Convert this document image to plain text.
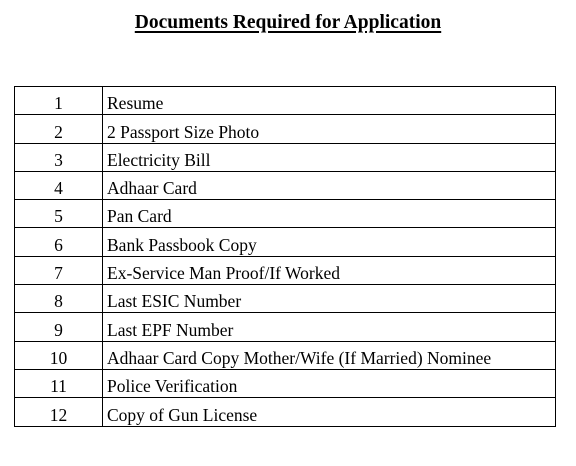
Documents Required for Application
1	Resume
2	2 Passport Size Photo
3	Electricity Bill
4	Adhaar Card
5	Pan Card
6	Bank Passbook Copy
7	Ex-Service Man Proof/If Worked
8	Last ESIC Number
9	Last EPF Number
10	Adhaar Card Copy Mother/Wife (If Married) Nominee
11	Police Verification
12	Copy of Gun License
